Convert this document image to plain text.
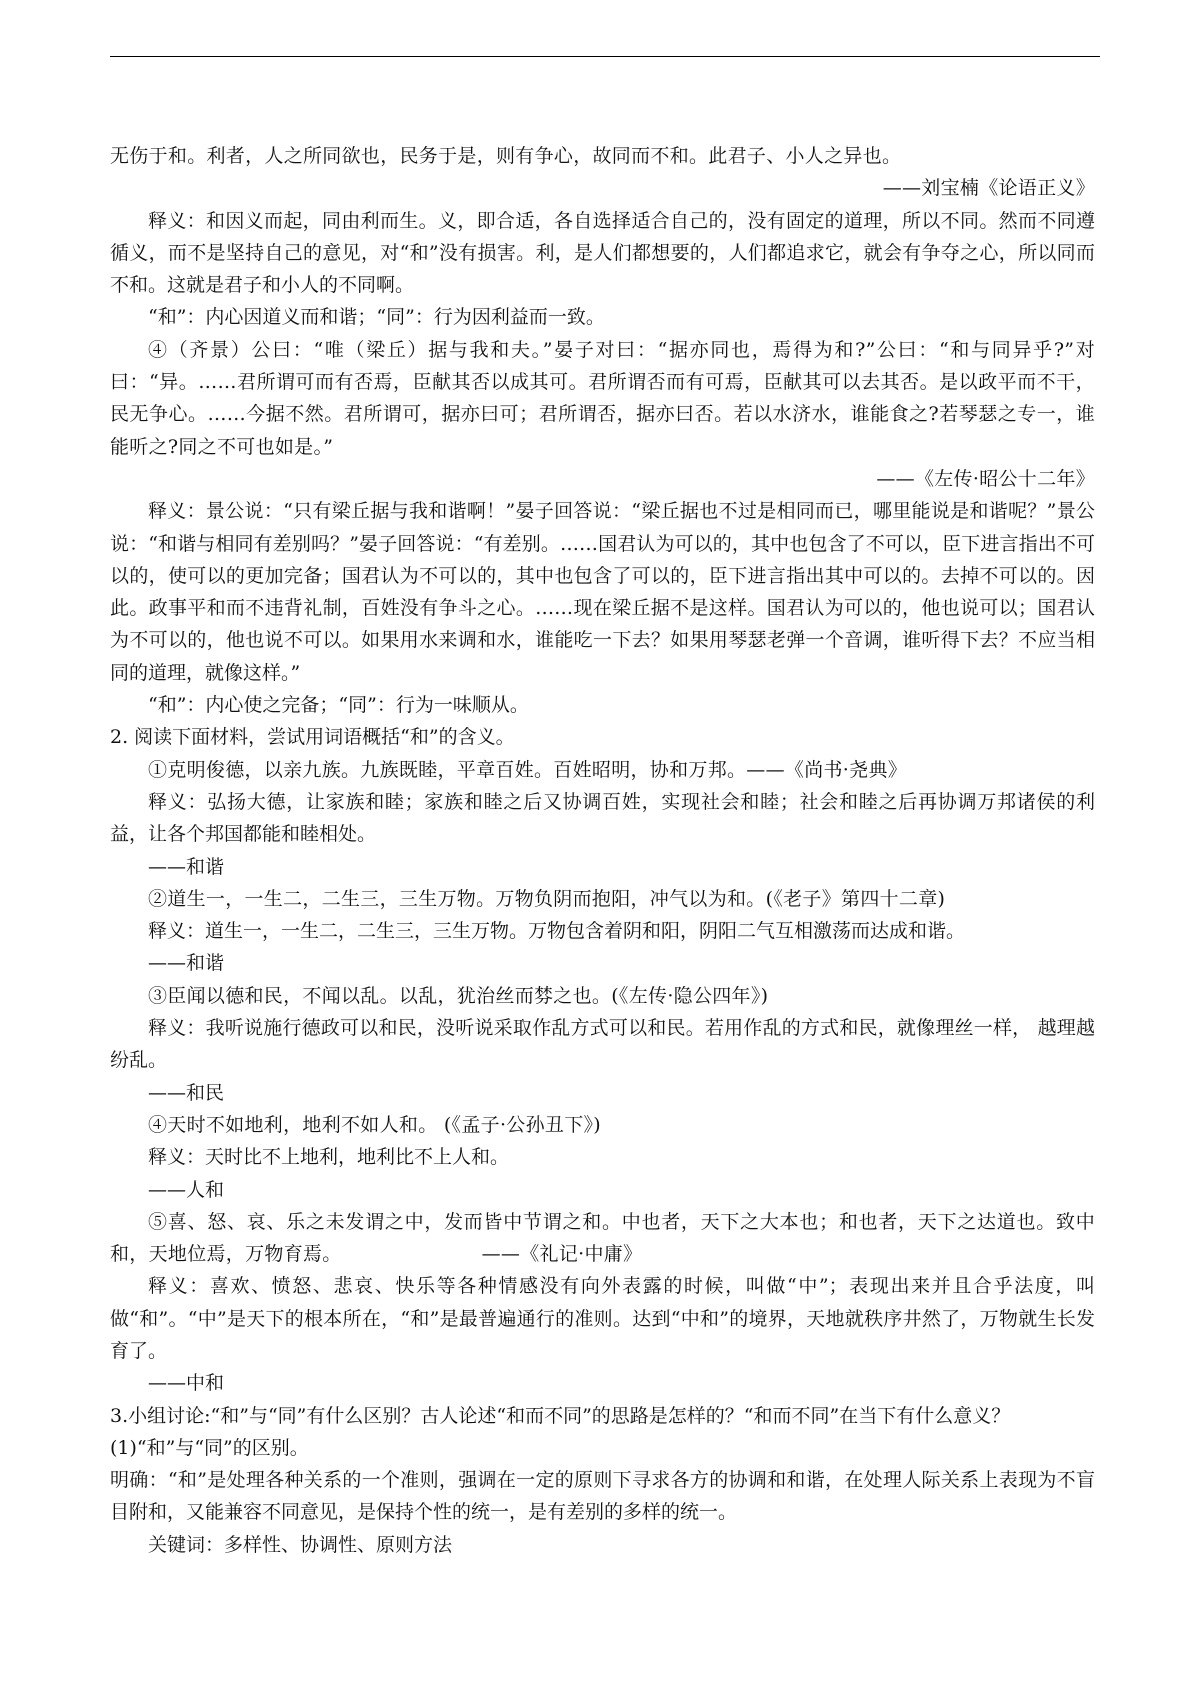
无伤于和。利者，人之所同欲也，民务于是，则有争心，故同而不和。此君子、小人之异也。

——刘宝楠《论语正义》

释义：和因义而起，同由利而生。义，即合适，各自选择适合自己的，没有固定的道理，所以不同。然而不同遵循义，而不是坚持自己的意见，对“和”没有损害。利，是人们都想要的，人们都追求它，就会有争夺之心，所以同而不和。这就是君子和小人的不同啊。

“和”：内心因道义而和谐；“同”：行为因利益而一致。

④（齐景）公曰：“唯（梁丘）据与我和夫。”晏子对曰：“据亦同也，焉得为和?”公曰：“和与同异乎?”对曰：“异。……君所谓可而有否焉，臣献其否以成其可。君所谓否而有可焉，臣献其可以去其否。是以政平而不干，民无争心。……今据不然。君所谓可，据亦曰可；君所谓否，据亦曰否。若以水济水，谁能食之?若琴瑟之专一，谁能听之?同之不可也如是。”

——《左传·昭公十二年》

释义：景公说：“只有梁丘据与我和谐啊！”晏子回答说：“梁丘据也不过是相同而已，哪里能说是和谐呢？”景公说：“和谐与相同有差别吗？”晏子回答说：“有差别。……国君认为可以的，其中也包含了不可以，臣下进言指出不可以的，使可以的更加完备；国君认为不可以的，其中也包含了可以的，臣下进言指出其中可以的。去掉不可以的。因此。政事平和而不违背礼制，百姓没有争斗之心。……现在梁丘据不是这样。国君认为可以的，他也说可以；国君认为不可以的，他也说不可以。如果用水来调和水，谁能吃一下去？如果用琴瑟老弹一个音调，谁听得下去？不应当相同的道理，就像这样。”

“和”：内心使之完备；“同”：行为一味顺从。

2. 阅读下面材料，尝试用词语概括“和”的含义。

①克明俊德，以亲九族。九族既睦，平章百姓。百姓昭明，协和万邦。——《尚书·尧典》

释义：弘扬大德，让家族和睦；家族和睦之后又协调百姓，实现社会和睦；社会和睦之后再协调万邦诸侯的利益，让各个邦国都能和睦相处。

——和谐

②道生一，一生二，二生三，三生万物。万物负阴而抱阳，冲气以为和。(《老子》第四十二章)

释义：道生一，一生二，二生三，三生万物。万物包含着阴和阳，阴阳二气互相激荡而达成和谐。

——和谐

③臣闻以德和民，不闻以乱。以乱，犹治丝而棼之也。(《左传·隐公四年》)

释义：我听说施行德政可以和民，没听说采取作乱方式可以和民。若用作乱的方式和民，就像理丝一样， 越理越纷乱。

——和民

④天时不如地利，地利不如人和。 (《孟子·公孙丑下》)

释义：天时比不上地利，地利比不上人和。

——人和

⑤喜、怒、哀、乐之未发谓之中，发而皆中节谓之和。中也者，天下之大本也；和也者，天下之达道也。致中和，天地位焉，万物育焉。	——《礼记·中庸》

释义：喜欢、愤怒、悲哀、快乐等各种情感没有向外表露的时候，叫做“中”；表现出来并且合乎法度，叫做“和”。“中”是天下的根本所在，“和”是最普遍通行的准则。达到“中和”的境界，天地就秩序井然了，万物就生长发育了。

——中和

3.小组讨论:“和”与“同”有什么区别？古人论述“和而不同”的思路是怎样的？“和而不同”在当下有什么意义？

(1)“和”与“同”的区别。

明确：“和”是处理各种关系的一个准则，强调在一定的原则下寻求各方的协调和和谐，在处理人际关系上表现为不盲目附和，又能兼容不同意见，是保持个性的统一，是有差别的多样的统一。

关键词：多样性、协调性、原则方法
